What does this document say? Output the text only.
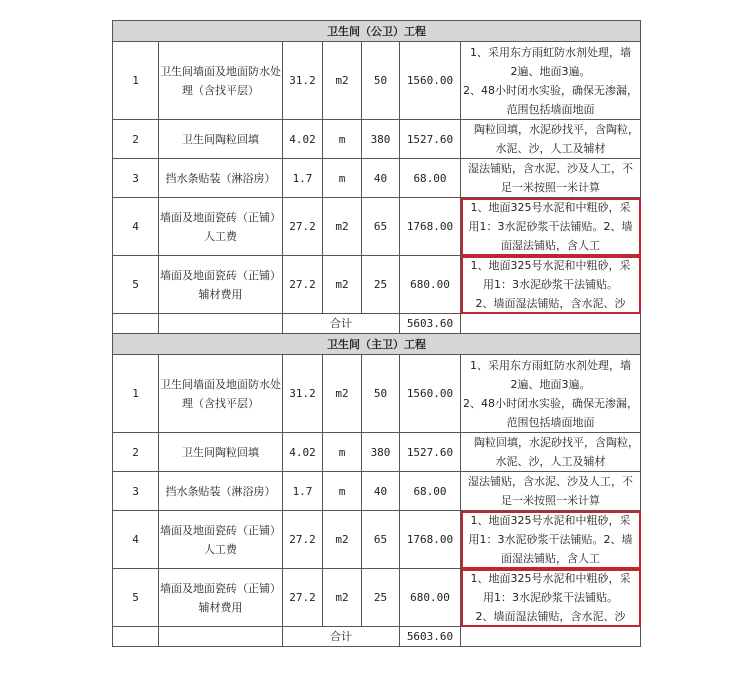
卫生间（公卫）工程						
1	卫生间墙面及地面防水处理（含找平层）	31.2	m2	50	1560.00	1、采用东方雨虹防水剂处理，墙
2遍、地面3遍。
2、48小时闭水实验，确保无渗漏，
范围包括墙面地面

2	卫生间陶粒回填	4.02	m	380	1527.60	陶粒回填，水泥砂找平，含陶粒，
水泥、沙，人工及辅材

3	挡水条贴装（淋浴房）	1.7	m	40	68.00	湿法铺贴，含水泥、沙及人工，不
足一米按照一米计算

4	墙面及地面瓷砖（正铺）人工费	27.2	m2	65	1768.00	1、地面325号水泥和中粗砂，采
用1：3水泥砂浆干法铺贴。2、墙
面湿法铺贴，含人工

5	墙面及地面瓷砖（正铺）辅材费用	27.2	m2	25	680.00	1、地面325号水泥和中粗砂，采
用1：3水泥砂浆干法铺贴。
2、墙面湿法铺贴，含水泥、沙

		合计			5603.60	
卫生间（主卫）工程						
1	卫生间墙面及地面防水处理（含找平层）	31.2	m2	50	1560.00	1、采用东方雨虹防水剂处理，墙
2遍、地面3遍。
2、48小时闭水实验，确保无渗漏，
范围包括墙面地面

2	卫生间陶粒回填	4.02	m	380	1527.60	陶粒回填，水泥砂找平，含陶粒，
水泥、沙，人工及辅材

3	挡水条贴装（淋浴房）	1.7	m	40	68.00	湿法铺贴，含水泥、沙及人工，不
足一米按照一米计算

4	墙面及地面瓷砖（正铺）人工费	27.2	m2	65	1768.00	1、地面325号水泥和中粗砂，采
用1：3水泥砂浆干法铺贴。2、墙
面湿法铺贴，含人工

5	墙面及地面瓷砖（正铺）辅材费用	27.2	m2	25	680.00	1、地面325号水泥和中粗砂，采
用1：3水泥砂浆干法铺贴。
2、墙面湿法铺贴，含水泥、沙

		合计			5603.60	
